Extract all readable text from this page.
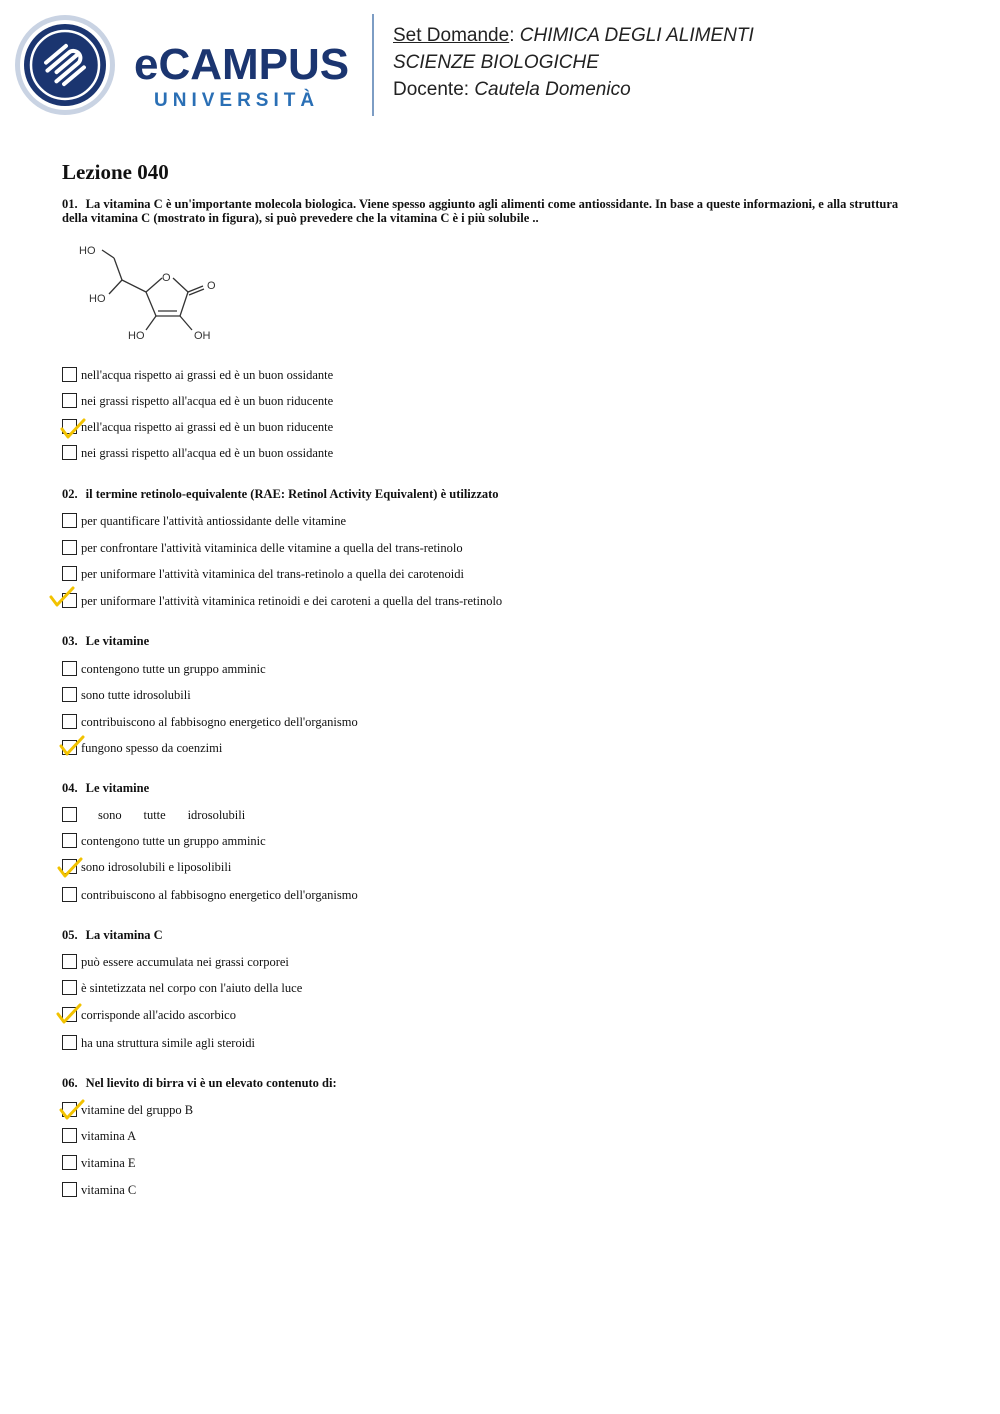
eCAMPUS
UNIVERSITÀ
Set Domande: CHIMICA DEGLI ALIMENTI
SCIENZE BIOLOGICHE
Docente: Cautela Domenico
Lezione 040
HO
HO
O
O
HO	OH
01. La vitamina C è un'importante molecola biologica. Viene spesso aggiunto agli alimenti come antiossidante. In base a queste informazioni, e alla struttura della vitamina C (mostrato in figura), si può prevedere che la vitamina C è i più solubile ..
nell'acqua rispetto ai grassi ed è un buon ossidante
nei grassi rispetto all'acqua ed è un buon riducente
nell'acqua rispetto ai grassi ed è un buon riducente
nei grassi rispetto all'acqua ed è un buon ossidante
02. il termine retinolo-equivalente (RAE: Retinol Activity Equivalent) è utilizzato
per quantificare l'attività antiossidante delle vitamine
per confrontare l'attività vitaminica delle vitamine a quella del trans-retinolo
per uniformare l'attività vitaminica del trans-retinolo a quella dei carotenoidi
per uniformare l'attività vitaminica retinoidi e dei caroteni a quella del trans-retinolo
03. Le vitamine
contengono tutte un gruppo amminic
sono tutte idrosolubili
contribuiscono al fabbisogno energetico dell'organismo
fungono spesso da coenzimi
04. Le vitamine
sono       tutte       idrosolubili
contengono tutte un gruppo amminic
sono idrosolubili e liposolibili
contribuiscono al fabbisogno energetico dell'organismo
05. La vitamina C
può essere accumulata nei grassi corporei
è sintetizzata nel corpo con l'aiuto della luce
corrisponde all'acido ascorbico
ha una struttura simile agli steroidi
06. Nel lievito di birra vi è un elevato contenuto di:
vitamine del gruppo B
vitamina A
vitamina E
vitamina C
